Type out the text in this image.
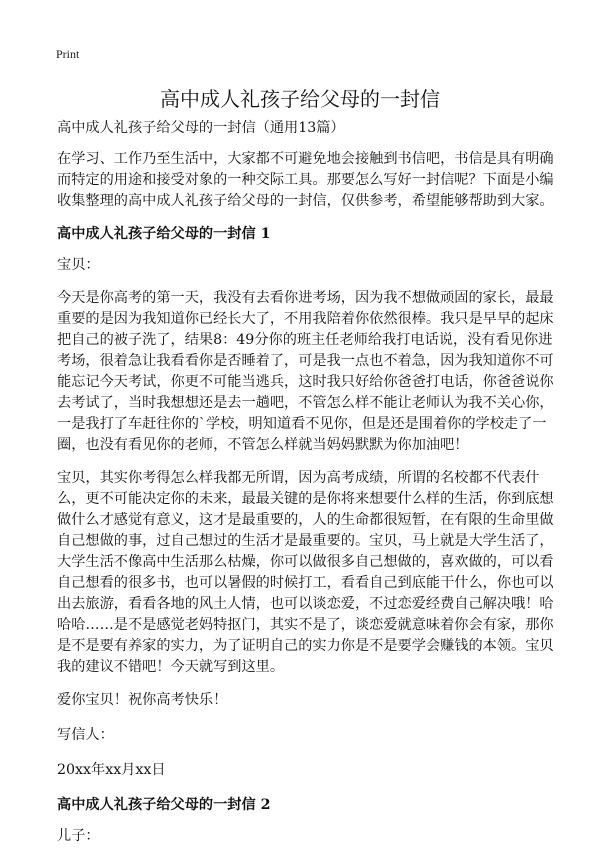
Print
高中成人礼孩子给父母的一封信

高中成人礼孩子给父母的一封信（通用13篇）

在学习、工作乃至生活中，大家都不可避免地会接触到书信吧，书信是具有明确而特定的用途和接受对象的一种交际工具。那要怎么写好一封信呢？下面是小编收集整理的高中成人礼孩子给父母的一封信，仅供参考，希望能够帮助到大家。

高中成人礼孩子给父母的一封信 1

宝贝：

今天是你高考的第一天，我没有去看你进考场，因为我不想做顽固的家长，最最重要的是因为我知道你已经长大了，不用我陪着你依然很棒。我只是早早的起床把自己的被子洗了，结果8：49分你的班主任老师给我打电话说，没有看见你进考场，很着急让我看看你是否睡着了，可是我一点也不着急，因为我知道你不可能忘记今天考试，你更不可能当逃兵，这时我只好给你爸爸打电话，你爸爸说你去考试了，当时我想想还是去一趟吧，不管怎么样不能让老师认为我不关心你，一是我打了车赶往你的`学校，明知道看不见你，但是还是围着你的学校走了一圈，也没有看见你的老师，不管怎么样就当妈妈默默为你加油吧！

宝贝，其实你考得怎么样我都无所谓，因为高考成绩，所谓的名校都不代表什么，更不可能决定你的未来，最最关键的是你将来想要什么样的生活，你到底想做什么才感觉有意义，这才是最重要的，人的生命都很短暂，在有限的生命里做自己想做的事，过自己想过的生活才是最重要的。宝贝，马上就是大学生活了，大学生活不像高中生活那么枯燥，你可以做很多自己想做的，喜欢做的，可以看自己想看的很多书，也可以暑假的时候打工，看看自己到底能干什么，你也可以出去旅游，看看各地的风土人情，也可以谈恋爱，不过恋爱经费自己解决哦！哈哈哈……是不是感觉老妈特抠门，其实不是了，谈恋爱就意味着你会有家，那你是不是要有养家的实力，为了证明自己的实力你是不是要学会赚钱的本领。宝贝我的建议不错吧！今天就写到这里。

爱你宝贝！祝你高考快乐！

写信人：

20xx年xx月xx日

高中成人礼孩子给父母的一封信 2

儿子：
